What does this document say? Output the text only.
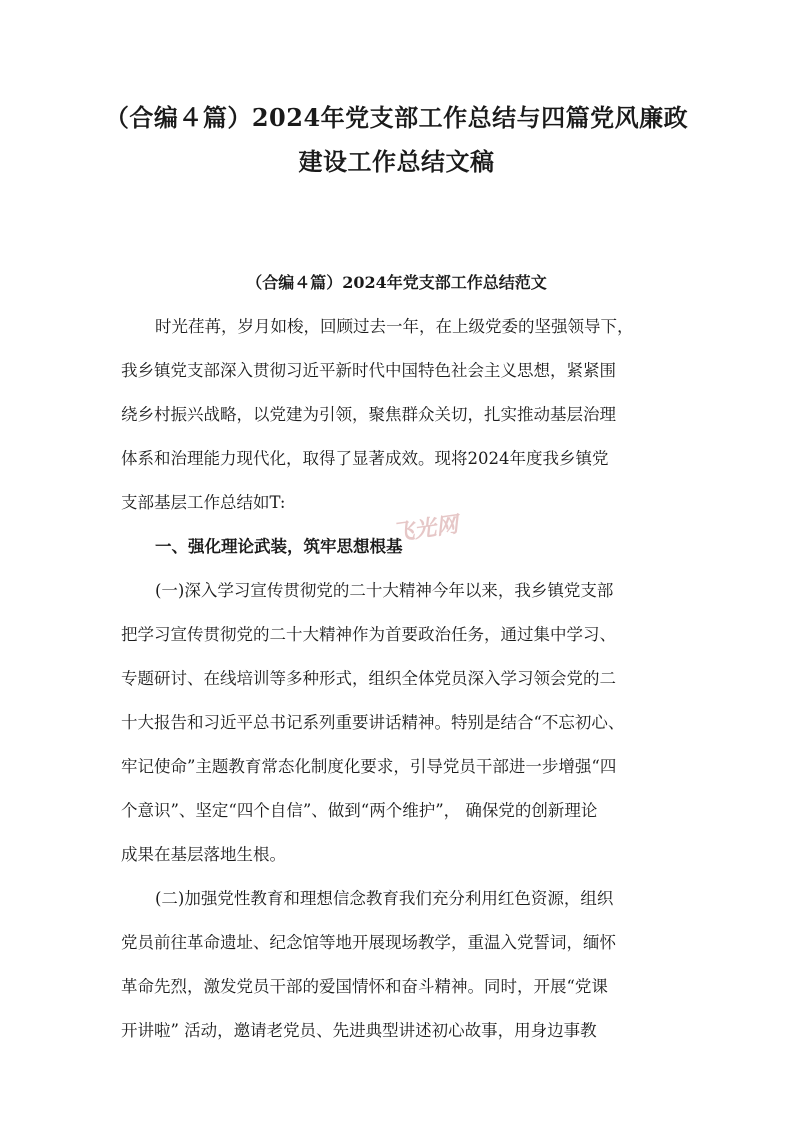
（合编４篇）2024年党支部工作总结与四篇党风廉政
建设工作总结文稿
（合编４篇）2024年党支部工作总结范文

时光荏苒，岁月如梭，回顾过去一年，在上级党委的坚强领导下，

我乡镇党支部深入贯彻习近平新时代中国特色社会主义思想，紧紧围

绕乡村振兴战略，以党建为引领，聚焦群众关切，扎实推动基层治理

体系和治理能力现代化，取得了显著成效。现将2024年度我乡镇党

支部基层工作总结如T:

一、强化理论武装，筑牢思想根基

(一)深入学习宣传贯彻党的二十大精神今年以来，我乡镇党支部

把学习宣传贯彻党的二十大精神作为首要政治任务，通过集中学习、

专题研讨、在线培训等多种形式，组织全体党员深入学习领会党的二

十大报告和习近平总书记系列重要讲话精神。特别是结合“不忘初心、

牢记使命”主题教育常态化制度化要求，引导党员干部进一步增强“四

个意识”、坚定“四个自信”、做到“两个维护”， 确保党的创新理论

成果在基层落地生根。

(二)加强党性教育和理想信念教育我们充分利用红色资源，组织

党员前往革命遗址、纪念馆等地开展现场教学，重温入党誓词，缅怀

革命先烈，激发党员干部的爱国情怀和奋斗精神。同时，开展“党课

开讲啦” 活动，邀请老党员、先进典型讲述初心故事，用身边事教

飞光网
